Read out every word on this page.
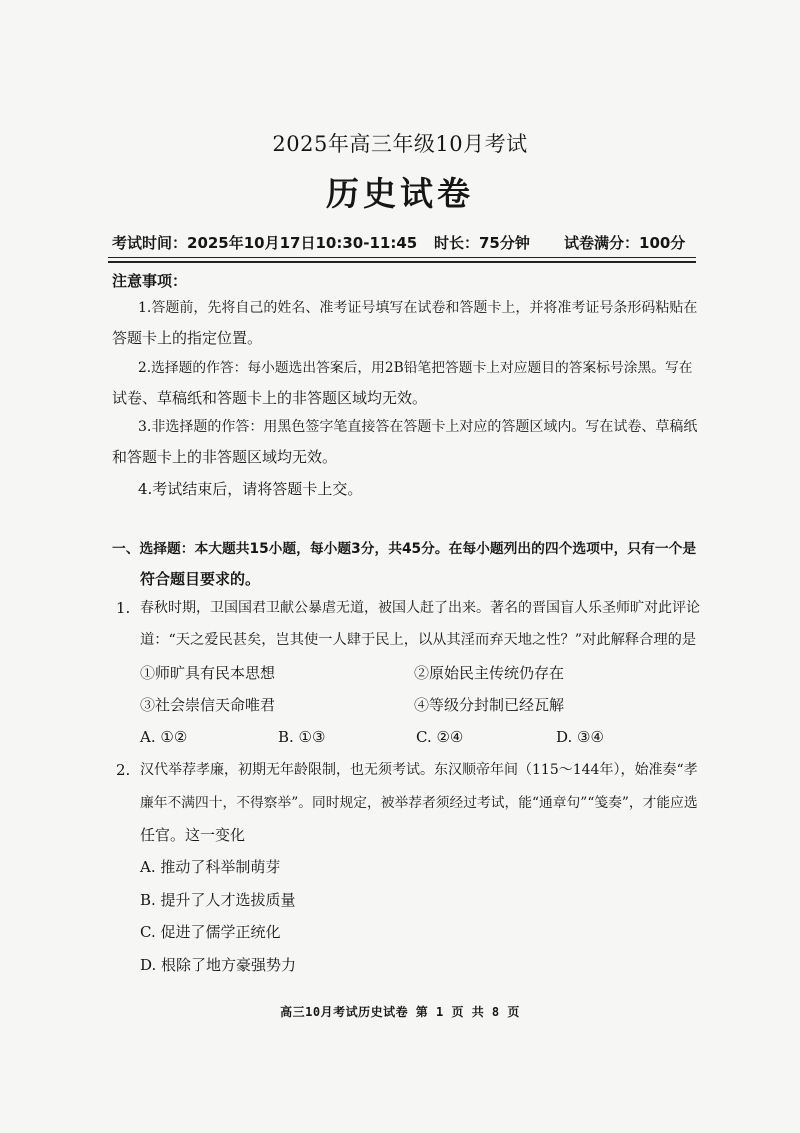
2025年高三年级10月考试
历史试卷
考试时间：2025年10月17日10:30-11:45 时长：75分钟 试卷满分：100分
注意事项：
1.答题前，先将自己的姓名、准考证号填写在试卷和答题卡上，并将准考证号条形码粘贴在
答题卡上的指定位置。
2.选择题的作答：每小题选出答案后，用2B铅笔把答题卡上对应题目的答案标号涂黑。写在
试卷、草稿纸和答题卡上的非答题区域均无效。
3.非选择题的作答：用黑色签字笔直接答在答题卡上对应的答题区域内。写在试卷、草稿纸
和答题卡上的非答题区域均无效。
4.考试结束后，请将答题卡上交。
一、选择题：本大题共15小题，每小题3分，共45分。在每小题列出的四个选项中，只有一个是
符合题目要求的。
1. 春秋时期，卫国国君卫献公暴虐无道，被国人赶了出来。著名的晋国盲人乐圣师旷对此评论
道：“天之爱民甚矣，岂其使一人肆于民上，以从其淫而弃天地之性？”对此解释合理的是
①师旷具有民本思想	②原始民主传统仍存在
③社会崇信天命唯君	④等级分封制已经瓦解
A. ①②	B. ①③	C. ②④	D. ③④
2. 汉代举荐孝廉，初期无年龄限制，也无须考试。东汉顺帝年间（115～144年），始准奏“孝
廉年不满四十，不得察举”。同时规定，被举荐者须经过考试，能“通章句”“笺奏”，才能应选
任官。这一变化
A. 推动了科举制萌芽
B. 提升了人才选拔质量
C. 促进了儒学正统化
D. 根除了地方豪强势力
高三10月考试历史试卷 第 1 页 共 8 页
